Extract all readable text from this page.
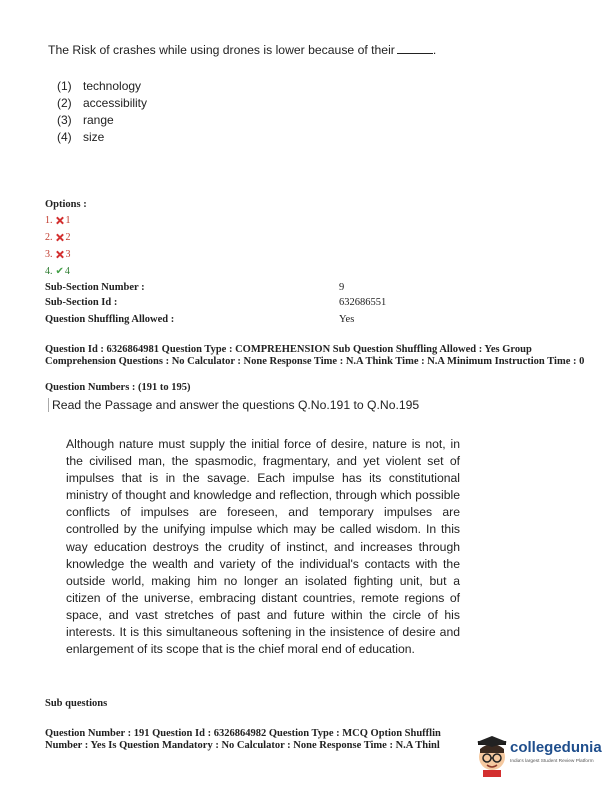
The Risk of crashes while using drones is lower because of their	.
(1) technology
(2) accessibility
(3) range
(4) size
Options :
1. 1
2. 2
3. 3
4. ✔4
Sub-Section Number :	9
Sub-Section Id :	632686551
Question Shuffling Allowed :	Yes
Question Id : 6326864981 Question Type : COMPREHENSION Sub Question Shuffling Allowed : Yes Group Comprehension Questions : No Calculator : None Response Time : N.A Think Time : N.A Minimum Instruction Time : 0
Question Numbers : (191 to 195)
Read the Passage and answer the questions Q.No.191 to Q.No.195
Although nature must supply the initial force of desire, nature is not, in the civilised man, the spasmodic, fragmentary, and yet violent set of impulses that is in the savage. Each impulse has its constitutional ministry of thought and knowledge and reflection, through which possible conflicts of impulses are foreseen, and temporary impulses are controlled by the unifying impulse which may be called wisdom. In this way education destroys the crudity of instinct, and increases through knowledge the wealth and variety of the individual's contacts with the outside world, making him no longer an isolated fighting unit, but a citizen of the universe, embracing distant countries, remote regions of space, and vast stretches of past and future within the circle of his interests. It is this simultaneous softening in the insistence of desire and enlargement of its scope that is the chief moral end of education.
Sub questions
Question Number : 191 Question Id : 6326864982 Question Type : MCQ Option Shufflin
Number : Yes Is Question Mandatory : No Calculator : None Response Time : N.A Thinl	collegedunia
India's largest Student Review Platform
